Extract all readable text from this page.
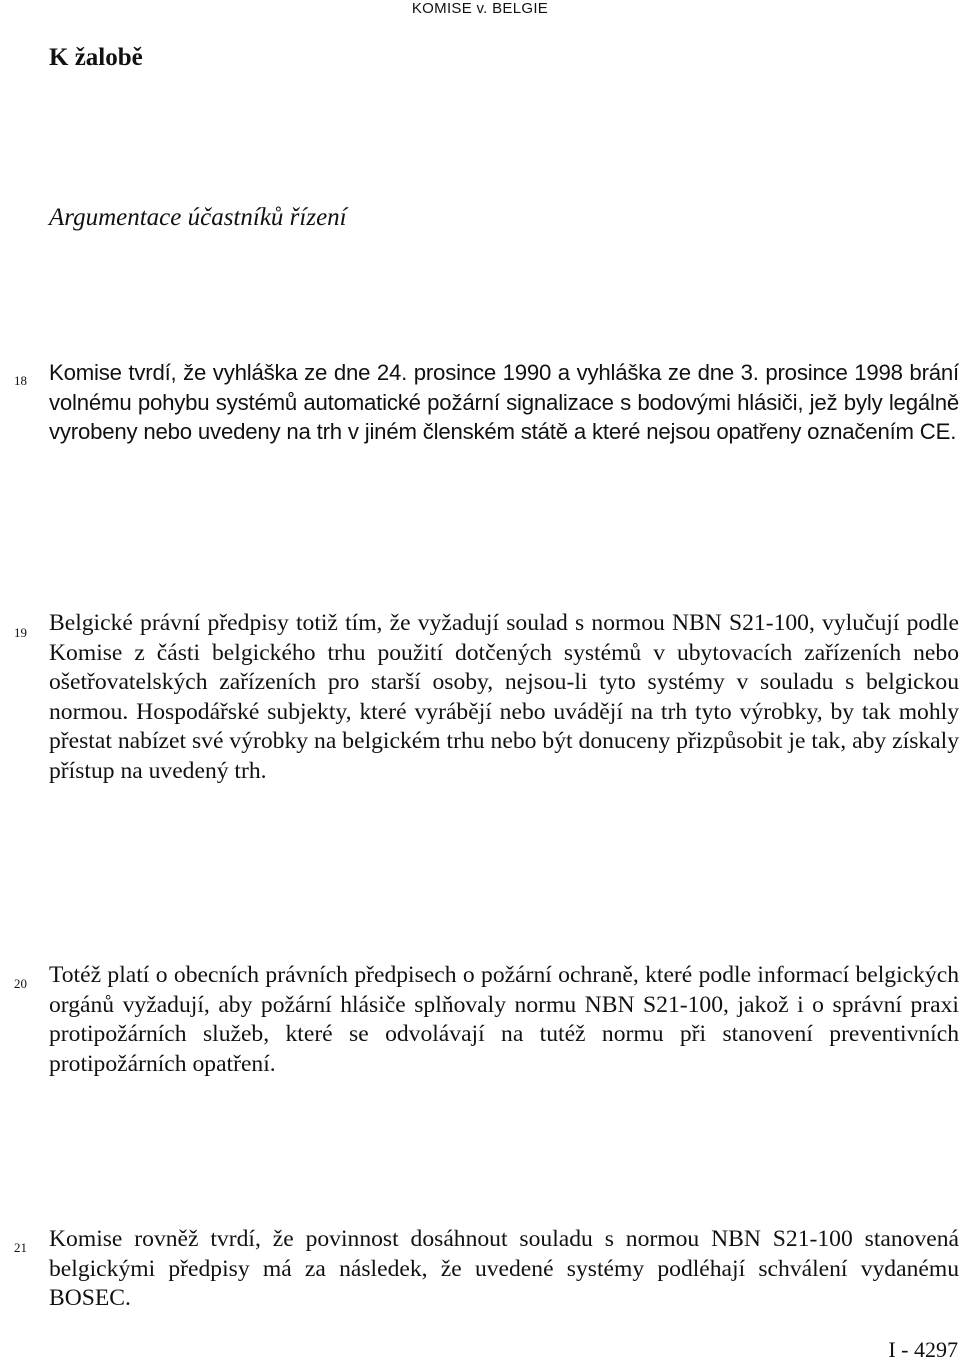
KOMISE v. BELGIE
K žalobě
Argumentace účastníků řízení
18 Komise tvrdí, že vyhláška ze dne 24. prosince 1990 a vyhláška ze dne 3. prosince 1998 brání volnému pohybu systémů automatické požární signalizace s bodovými hlásiči, jež byly legálně vyrobeny nebo uvedeny na trh v jiném členském státě a které nejsou opatřeny označením CE.

19 Belgické právní předpisy totiž tím, že vyžadují soulad s normou NBN S21-100, vylučují podle Komise z části belgického trhu použití dotčených systémů v ubytovacích zařízeních nebo ošetřovatelských zařízeních pro starší osoby, nejsou-li tyto systémy v souladu s belgickou normou. Hospodářské subjekty, které vyrábějí nebo uvádějí na trh tyto výrobky, by tak mohly přestat nabízet své výrobky na belgickém trhu nebo být donuceny přizpůsobit je tak, aby získaly přístup na uvedený trh.

20 Totéž platí o obecních právních předpisech o požární ochraně, které podle informací belgických orgánů vyžadují, aby požární hlásiče splňovaly normu NBN S21-100, jakož i o správní praxi protipožárních služeb, které se odvolávají na tutéž normu při stanovení preventivních protipožárních opatření.

21 Komise rovněž tvrdí, že povinnost dosáhnout souladu s normou NBN S21-100 stanovená belgickými předpisy má za následek, že uvedené systémy podléhají schválení vydanému BOSEC.

I - 4297
